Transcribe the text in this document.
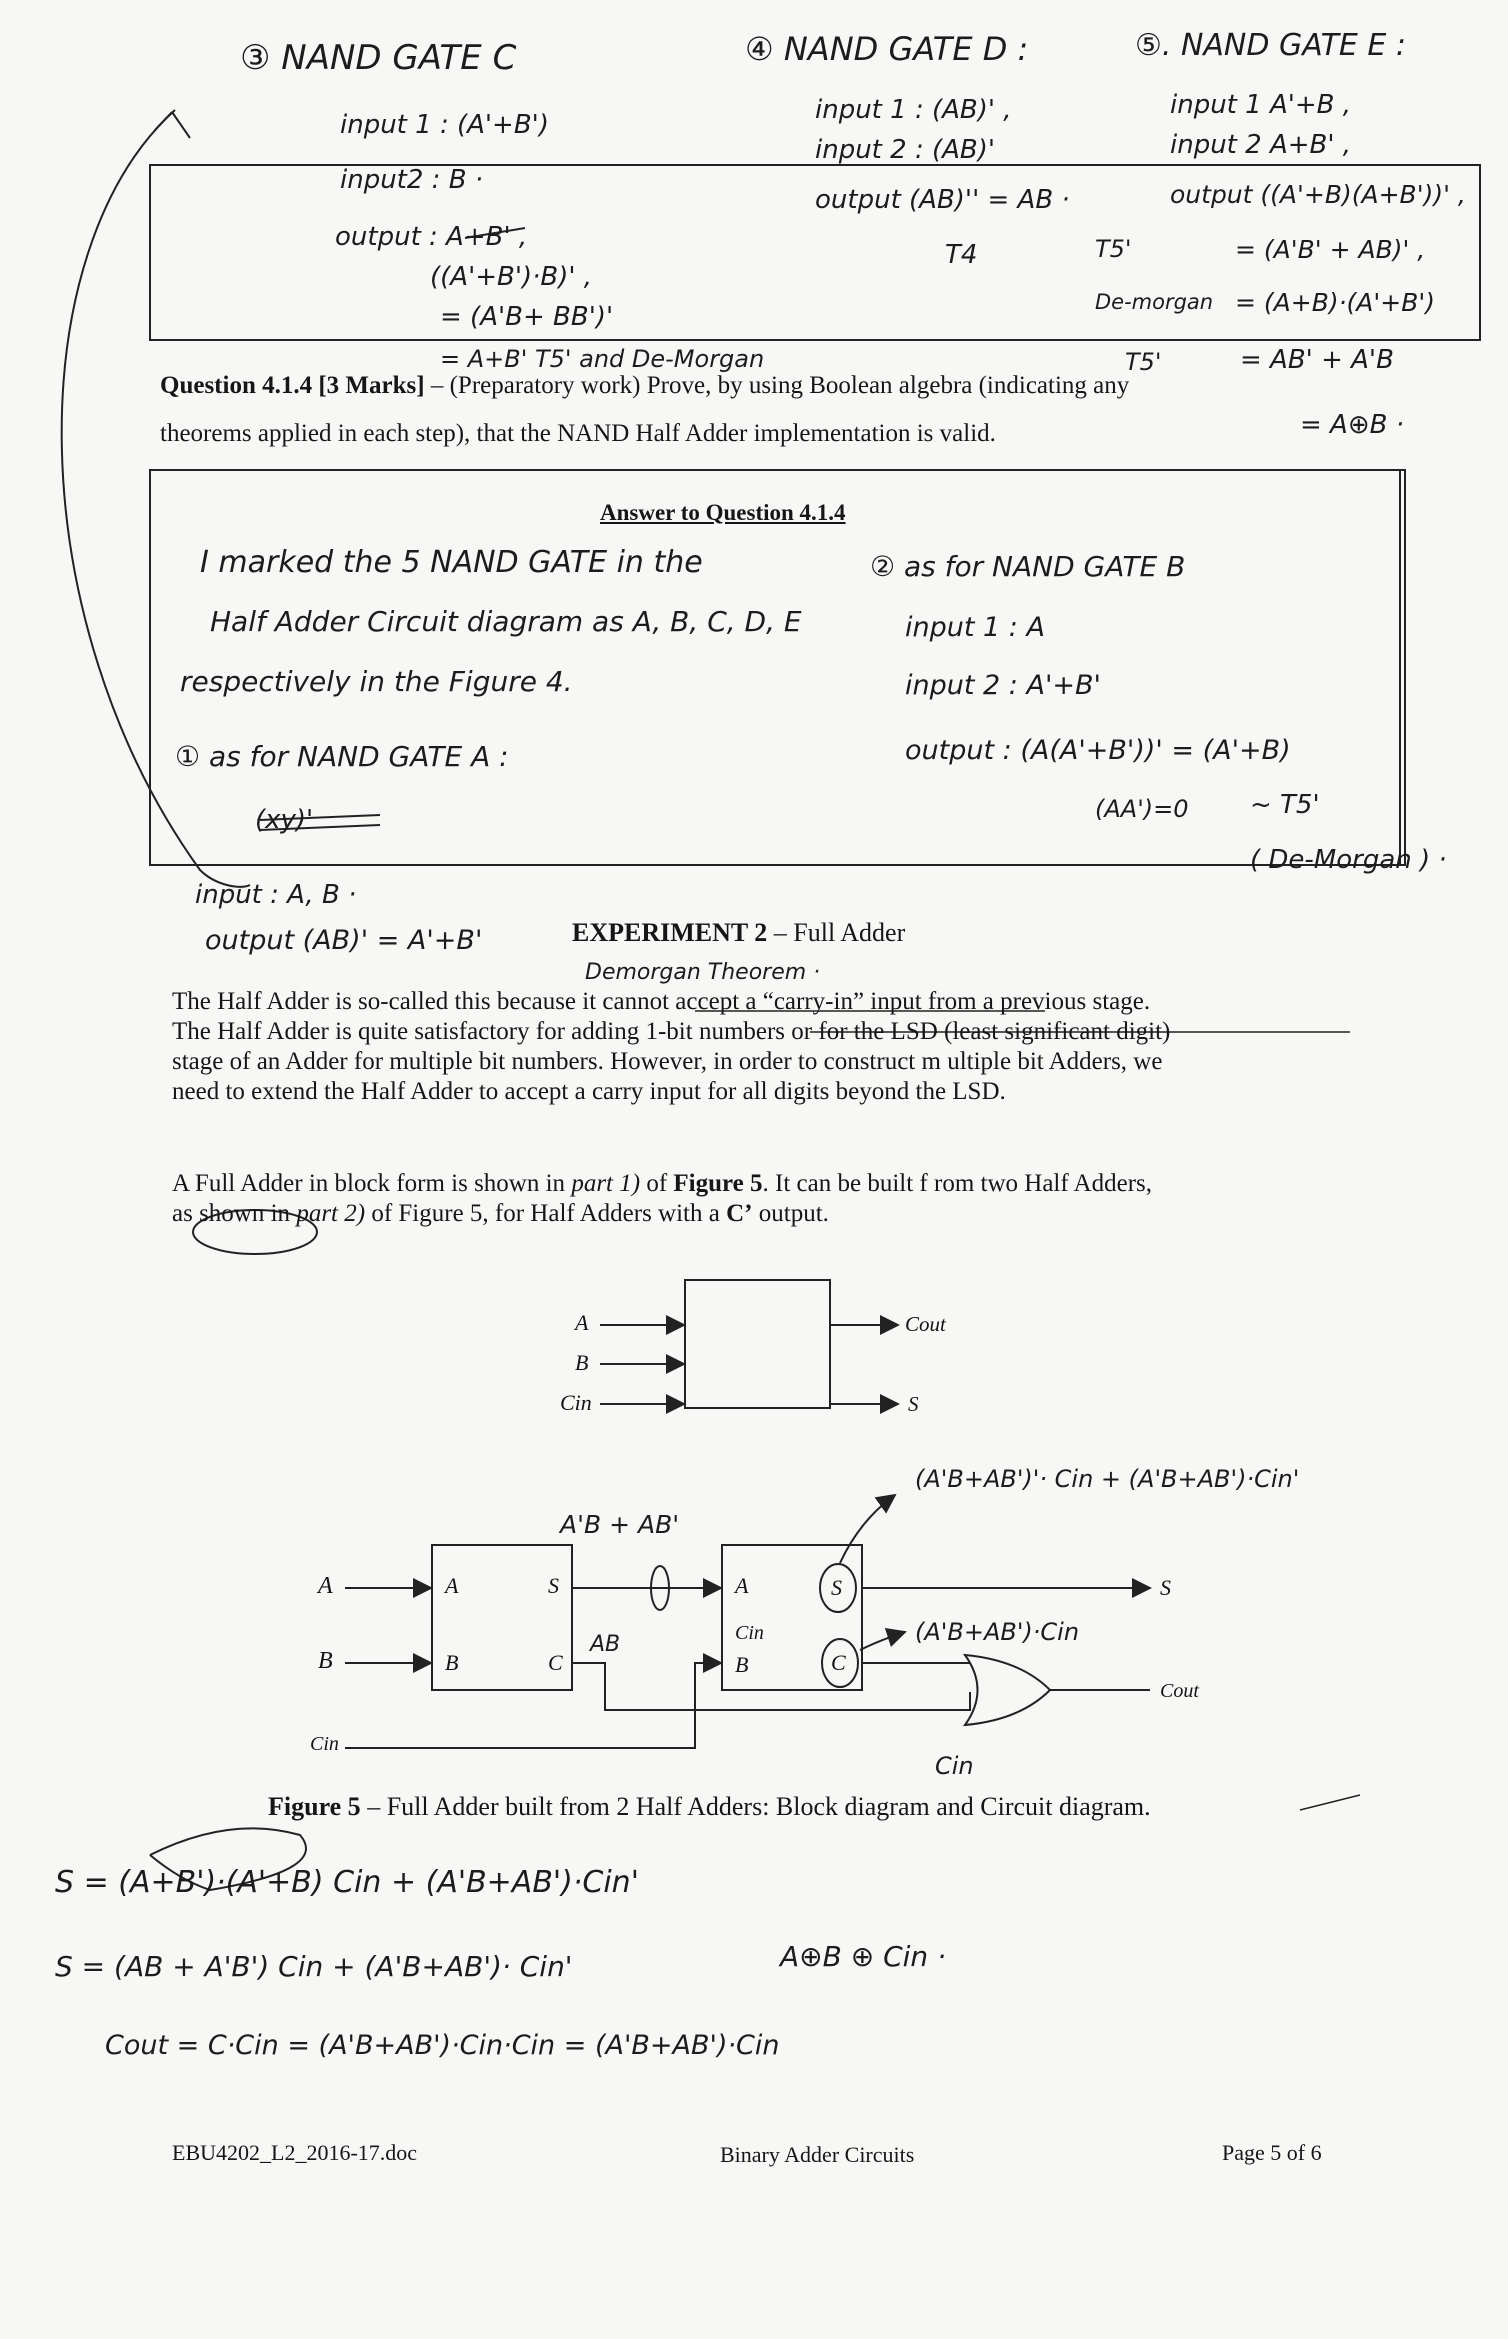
③ NAND GATE C
input 1 : (A'+B')
input2 : B ·
output : A+B' ,
((A'+B')·B)' ,
= (A'B+ BB')'
= A+B' T5' and De-Morgan
④ NAND GATE D :
input 1 : (AB)' ,
input 2 : (AB)'
output (AB)'' = AB ·
T4
⑤. NAND GATE E :
input 1 A'+B ,
input 2 A+B' ,
output ((A'+B)(A+B'))' ,
T5'	= (A'B' + AB)' ,
De-morgan = (A+B)·(A'+B')
T5'	= AB' + A'B
= A⊕B ·
Question 4.1.4 [3 Marks] – (Preparatory work) Prove, by using Boolean algebra (indicating any
theorems applied in each step), that the NAND Half Adder implementation is valid.
Answer to Question 4.1.4
I marked the 5 NAND GATE in the
Half Adder Circuit diagram as A, B, C, D, E
respectively in the Figure 4.
① as for NAND GATE A :
(xy)'
② as for NAND GATE B
input 1 : A
input 2 : A'+B'
output : (A(A'+B'))' = (A'+B)
(AA')=0 ~ T5'
( De-Morgan ) ·
input : A, B ·
output (AB)' = A'+B'
Demorgan Theorem ·
EXPERIMENT 2 – Full Adder
The Half Adder is so-called this because it cannot accept a “carry-in” input from a previous stage.
The Half Adder is quite satisfactory for adding 1-bit numbers or for the LSD (least significant digit)
stage of an Adder for multiple bit numbers. However, in order to construct m ultiple bit Adders, we
need to extend the Half Adder to accept a carry input for all digits beyond the LSD.
A Full Adder in block form is shown in part 1) of Figure 5. It can be built f rom two Half Adders,
as shown in part 2) of Figure 5, for Half Adders with a C’ output.
A
B
Cin
Cout
S
A
B
Cin
A
B
S
C
A
Cin
B
S
C
S
Cout
(A'B+AB')'· Cin + (A'B+AB')·Cin'
A'B + AB'
AB	(A'B+AB')·Cin
Cin
Figure 5 – Full Adder built from 2 Half Adders: Block diagram and Circuit diagram.
S = (A+B')·(A'+B) Cin + (A'B+AB')·Cin'
S = (AB + A'B') Cin + (A'B+AB')· Cin'	A⊕B ⊕ Cin ·
Cout = C·Cin = (A'B+AB')·Cin·Cin = (A'B+AB')·Cin
EBU4202_L2_2016-17.doc	Binary Adder Circuits	Page 5 of 6
